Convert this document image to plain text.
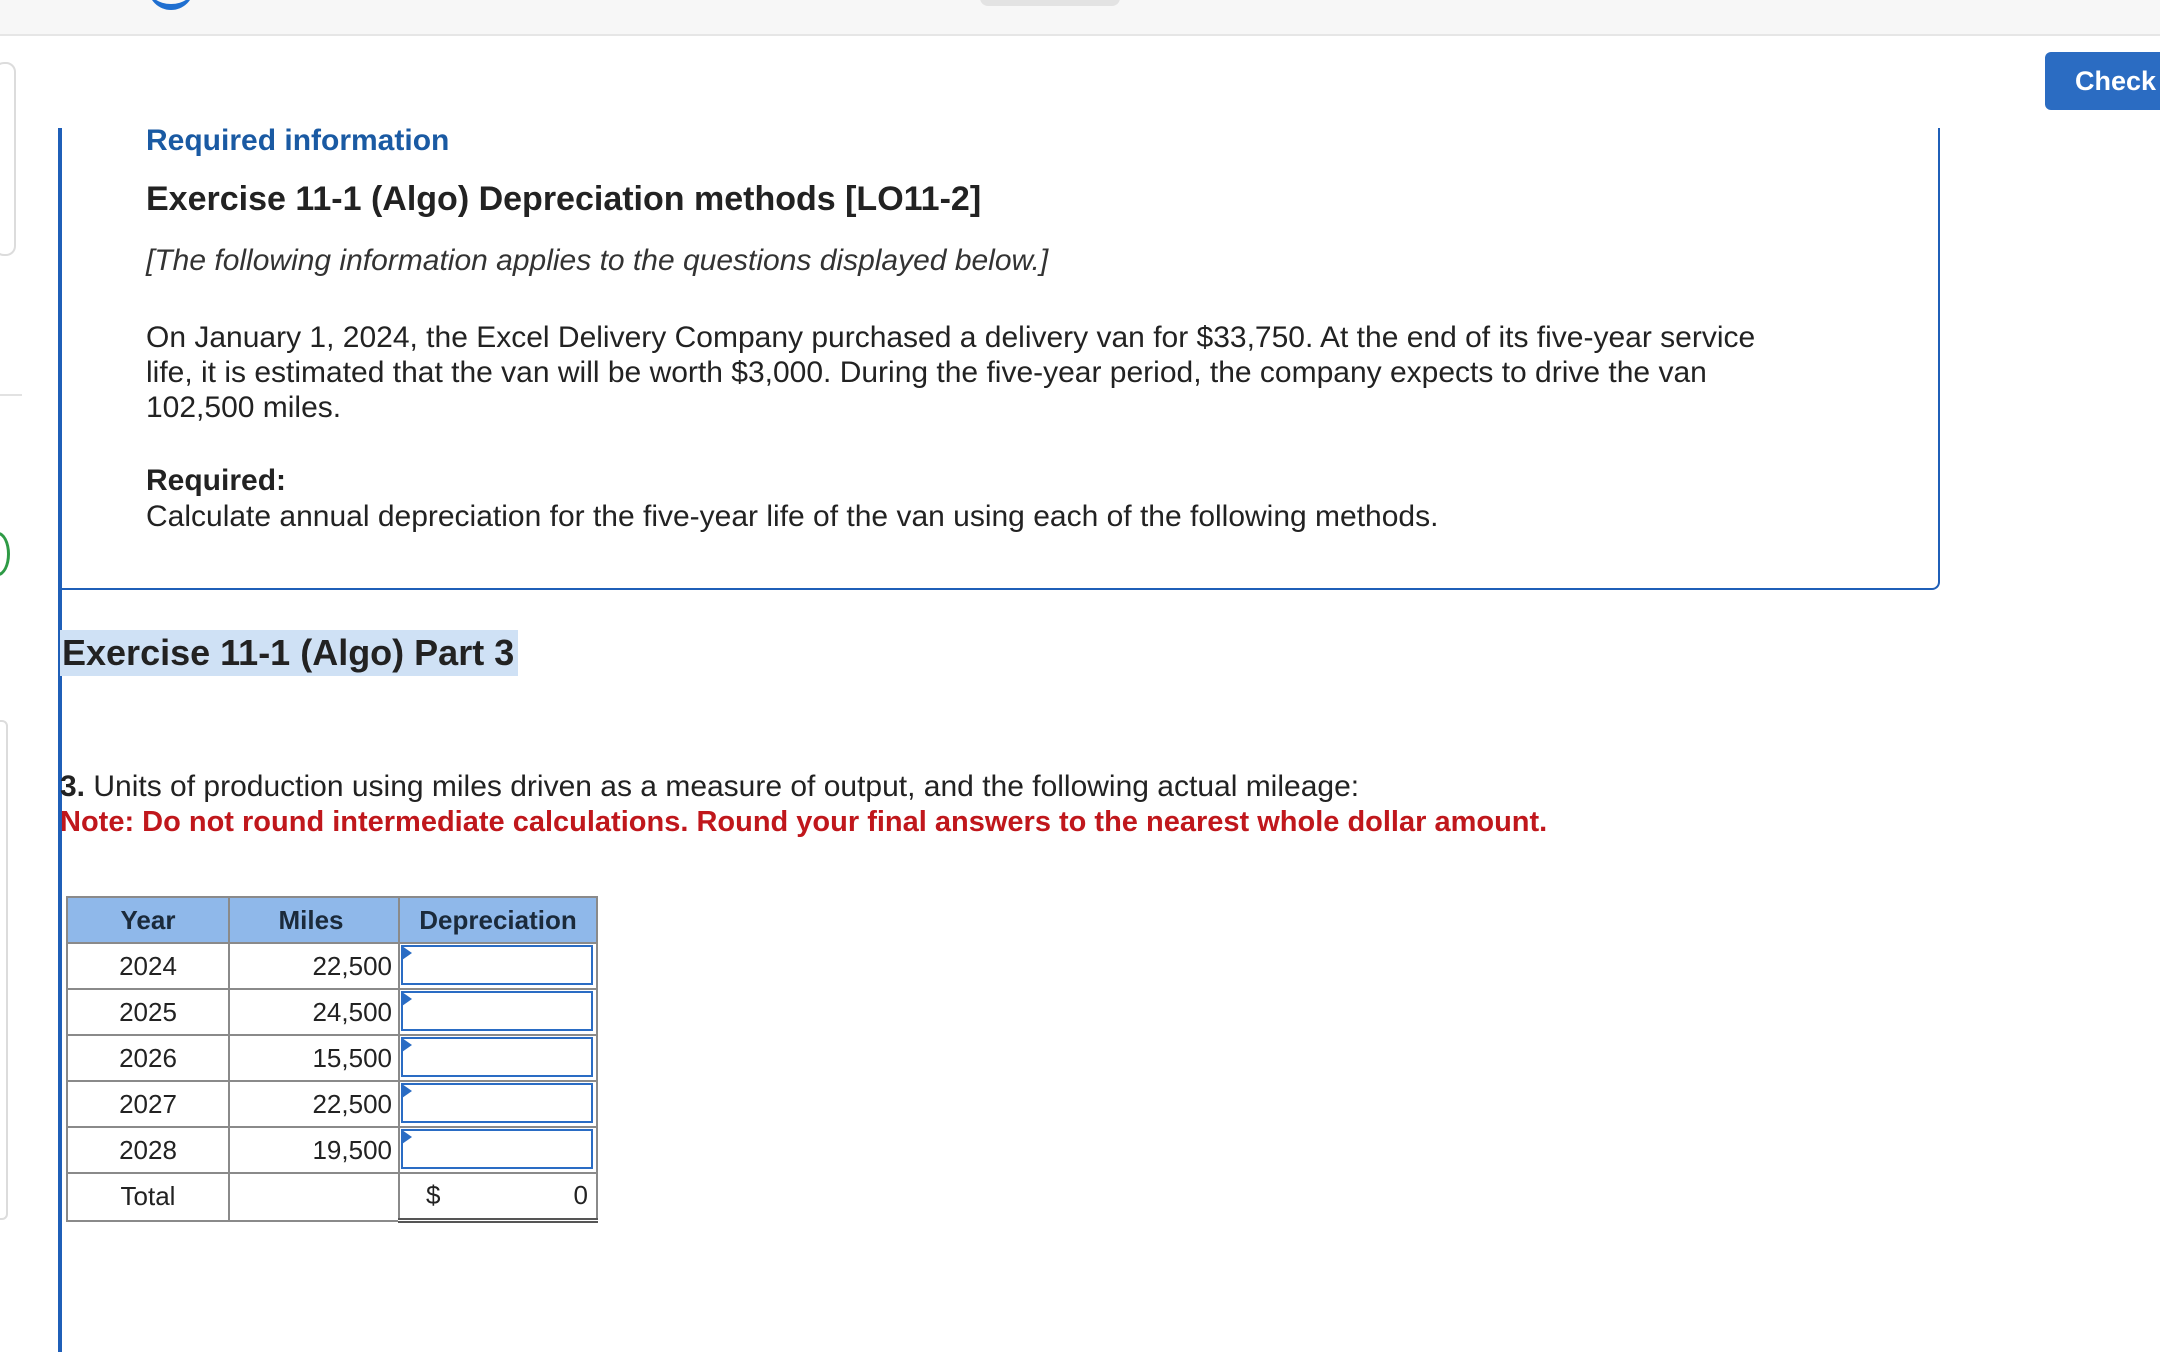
Check
Required information
Exercise 11-1 (Algo) Depreciation methods [LO11-2]
[The following information applies to the questions displayed below.]
On January 1, 2024, the Excel Delivery Company purchased a delivery van for $33,750. At the end of its five-year service
life, it is estimated that the van will be worth $3,000. During the five-year period, the company expects to drive the van
102,500 miles.
Required:
Calculate annual depreciation for the five-year life of the van using each of the following methods.
Exercise 11-1 (Algo) Part 3
3. Units of production using miles driven as a measure of output, and the following actual mileage:
Note: Do not round intermediate calculations. Round your final answers to the nearest whole dollar amount.
Year	Miles	Depreciation
2024	22,500	

2025	24,500	

2026	15,500	

2027	22,500	

2028	19,500	

Total		$ 0
